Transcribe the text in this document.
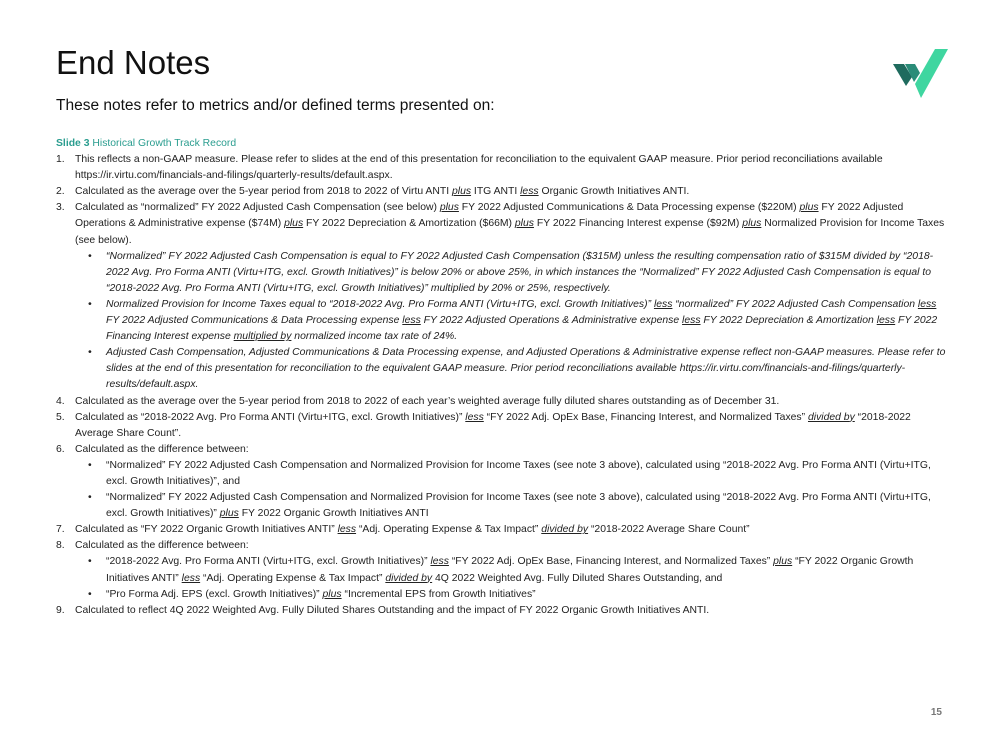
End Notes
These notes refer to metrics and/or defined terms presented on:
Slide 3 Historical Growth Track Record
1. This reflects a non-GAAP measure. Please refer to slides at the end of this presentation for reconciliation to the equivalent GAAP measure. Prior period reconciliations available https://ir.virtu.com/financials-and-filings/quarterly-results/default.aspx.
2. Calculated as the average over the 5-year period from 2018 to 2022 of Virtu ANTI plus ITG ANTI less Organic Growth Initiatives ANTI.
3. Calculated as “normalized” FY 2022 Adjusted Cash Compensation (see below) plus FY 2022 Adjusted Communications & Data Processing expense ($220M) plus FY 2022 Adjusted Operations & Administrative expense ($74M) plus FY 2022 Depreciation & Amortization ($66M) plus FY 2022 Financing Interest expense ($92M) plus Normalized Provision for Income Taxes (see below).
• “Normalized” FY 2022 Adjusted Cash Compensation is equal to FY 2022 Adjusted Cash Compensation ($315M) unless the resulting compensation ratio of $315M divided by “2018-2022 Avg. Pro Forma ANTI (Virtu+ITG, excl. Growth Initiatives)” is below 20% or above 25%, in which instances the “Normalized” FY 2022 Adjusted Cash Compensation is equal to “2018-2022 Avg. Pro Forma ANTI (Virtu+ITG, excl. Growth Initiatives)” multiplied by 20% or 25%, respectively.
• Normalized Provision for Income Taxes equal to “2018-2022 Avg. Pro Forma ANTI (Virtu+ITG, excl. Growth Initiatives)” less “normalized” FY 2022 Adjusted Cash Compensation less FY 2022 Adjusted Communications & Data Processing expense less FY 2022 Adjusted Operations & Administrative expense less FY 2022 Depreciation & Amortization less FY 2022 Financing Interest expense multiplied by normalized income tax rate of 24%.
• Adjusted Cash Compensation, Adjusted Communications & Data Processing expense, and Adjusted Operations & Administrative expense reflect non-GAAP measures. Please refer to slides at the end of this presentation for reconciliation to the equivalent GAAP measure. Prior period reconciliations available https://ir.virtu.com/financials-and-filings/quarterly-results/default.aspx.
4. Calculated as the average over the 5-year period from 2018 to 2022 of each year’s weighted average fully diluted shares outstanding as of December 31.
5. Calculated as “2018-2022 Avg. Pro Forma ANTI (Virtu+ITG, excl. Growth Initiatives)” less “FY 2022 Adj. OpEx Base, Financing Interest, and Normalized Taxes” divided by “2018-2022 Average Share Count”.
6. Calculated as the difference between:
• “Normalized” FY 2022 Adjusted Cash Compensation and Normalized Provision for Income Taxes (see note 3 above), calculated using “2018-2022 Avg. Pro Forma ANTI (Virtu+ITG, excl. Growth Initiatives)”, and
• “Normalized” FY 2022 Adjusted Cash Compensation and Normalized Provision for Income Taxes (see note 3 above), calculated using “2018-2022 Avg. Pro Forma ANTI (Virtu+ITG, excl. Growth Initiatives)” plus FY 2022 Organic Growth Initiatives ANTI
7. Calculated as “FY 2022 Organic Growth Initiatives ANTI” less “Adj. Operating Expense & Tax Impact” divided by “2018-2022 Average Share Count”
8. Calculated as the difference between:
• “2018-2022 Avg. Pro Forma ANTI (Virtu+ITG, excl. Growth Initiatives)” less “FY 2022 Adj. OpEx Base, Financing Interest, and Normalized Taxes” plus “FY 2022 Organic Growth Initiatives ANTI” less “Adj. Operating Expense & Tax Impact” divided by 4Q 2022 Weighted Avg. Fully Diluted Shares Outstanding, and
• “Pro Forma Adj. EPS (excl. Growth Initiatives)” plus “Incremental EPS from Growth Initiatives”
9. Calculated to reflect 4Q 2022 Weighted Avg. Fully Diluted Shares Outstanding and the impact of FY 2022 Organic Growth Initiatives ANTI.
15
